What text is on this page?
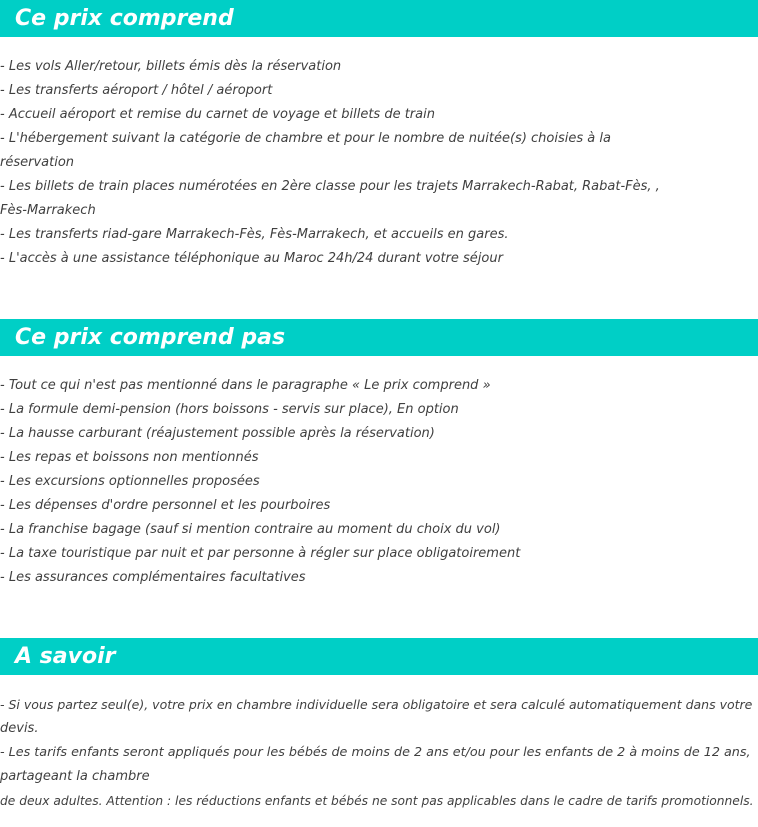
Ce prix comprend
- Les vols Aller/retour, billets émis dès la réservation
- Les transferts aéroport / hôtel / aéroport
- Accueil aéroport et remise du carnet de voyage et billets de train
- L'hébergement suivant la catégorie de chambre et pour le nombre de nuitée(s) choisies à la
réservation
- Les billets de train places numérotées en 2ère classe pour les trajets Marrakech-Rabat, Rabat-Fès, ,
Fès-Marrakech
- Les transferts riad-gare Marrakech-Fès, Fès-Marrakech, et accueils en gares.
- L'accès à une assistance téléphonique au Maroc 24h/24 durant votre séjour
Ce prix comprend pas
- Tout ce qui n'est pas mentionné dans le paragraphe « Le prix comprend »
- La formule demi-pension (hors boissons - servis sur place), En option
- La hausse carburant (réajustement possible après la réservation)
- Les repas et boissons non mentionnés
- Les excursions optionnelles proposées
- Les dépenses d'ordre personnel et les pourboires
- La franchise bagage (sauf si mention contraire au moment du choix du vol)
- La taxe touristique par nuit et par personne à régler sur place obligatoirement
- Les assurances complémentaires facultatives
A savoir
- Si vous partez seul(e), votre prix en chambre individuelle sera obligatoire et sera calculé automatiquement dans votre
devis.
- Les tarifs enfants seront appliqués pour les bébés de moins de 2 ans et/ou pour les enfants de 2 à moins de 12 ans,
partageant la chambre
de deux adultes. Attention : les réductions enfants et bébés ne sont pas applicables dans le cadre de tarifs promotionnels.
